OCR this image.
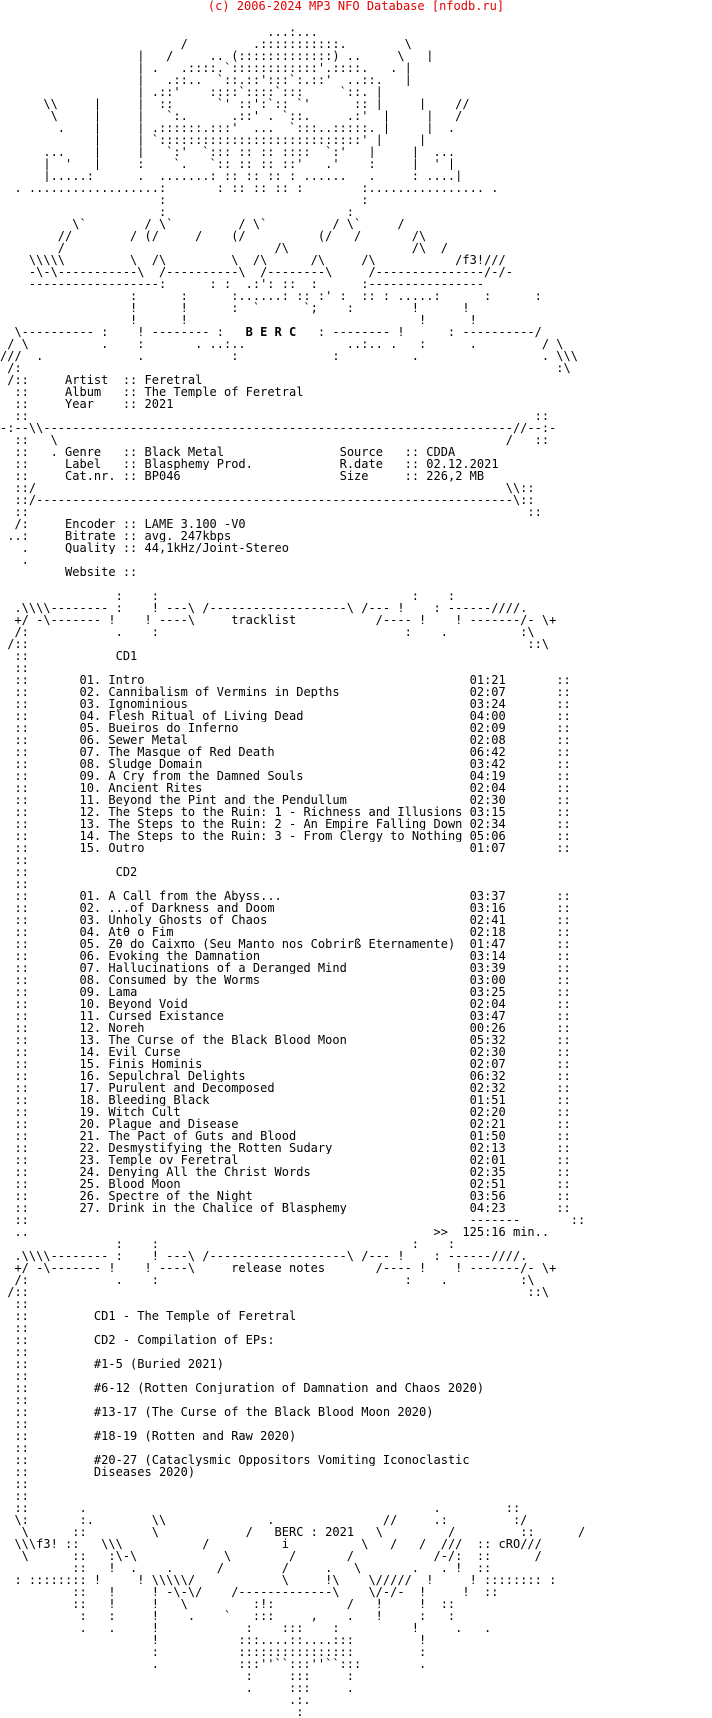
(c) 2006-2024 MP3 NFO Database [nfodb.ru]
_ _______ _        ...:...        _ _______ _
___  /         .:::::::::::.        \ ___
|   /     .. (:::::::::::::) ..     \   |
| .   .::::.`::::::::::::'.::::.   . |
|   .::..  `::.::':::`:.::'  ..::.   |
_ ______       | .::'    ::::`::::`:::     `::. |      ______ _
\\     |     |  ::      `' ::':`:: `'      :: |     |    //
\     |     |   `:.      .::' . `::.     .:'  |     |   /
.    |     | .::::::.:::'  ...  `:::..:::::. |     |  .
|     | `::::::::::::::::::::::::::::' |     |
...    |     |   `:'  `::: :: :: ::::  `:'   |     |  ...
|  '   |     :    `.   `:: :: :: ::'   .'    :     |  ' |
|.....:      .  .......: :: :: :: : ......   .     : ....|
. ..................:       : :: :: :: :        :................ .
:                           :
____________:____________ ____________:____________
_ ___\`  __    /_\`  _______/_\`  __    _/_\`     /___ _
//   __   / (/  ___/    (/   _      (/   /_______/\
_ _ /________   _________   ______/\   _ ____________/\__/ _ _
\\\\\_________\__/\_________\__/\______/\_____/\___________/f3!///
_ -\-\-----------\__/----------\__/--------\_____/---------------/-/- _
_ ------------------:      : :  .:': ::  :      :---------------- _
:      :      :......: :: :' :  :: : .....:      :      :
!      !      :  `      `;    :        !      !
___ _          !      !                                !      !      _ ___
_\---------- :    ! -------- :   B E R C   : -------- !      : ----------/_
/_\          .    :       . ..:..              ..:.. .   :      .         /_\
///  .             .            :             :          .                 . \\\
/:                                                                          :\
/::     Artist  :: Feretral
::     Album   :: The Temple of Feretral
::     Year    :: 2021
::  __ _                                                          _ __  ::
-:--\\-----------------------------------------------------------------//--:-
::   \                                                              /   ::
::   . Genre   :: Black Metal                Source   :: CDDA
::     Label   :: Blasphemy Prod.            R.date   :: 02.12.2021
_::__   Cat.nr. :: BP046                      Size     :: 226,2 MB
::/                                                                 \\::
::/------------------------------------------------------------------\::
::                                                                     ::
/:     Encoder :: LAME 3.100 -V0
..:     Bitrate :: avg. 247kbps
.     Quality :: 44,1kHz/Joint-Stereo
.
Website ::

__ __ _       :    : _ ____ _                 _ ____ _ :    : _ __ __
.\\\\-------- :    ! ---\ /-------------------\ /--- !    : ------////.
+/ -\------- !    ! ----\     tracklist           /---- !    ! -------/- \+
/:            .    :                                  :    .          :\
/::                                                                     ::\
::            CD1
::
::       01. Intro                                             01:21       ::
::       02. Cannibalism of Vermins in Depths                  02:07       ::
::       03. Ignominious                                       03:24       ::
::       04. Flesh Ritual of Living Dead                       04:00       ::
::       05. Bueiros do Inferno                                02:09       ::
::       06. Sewer Metal                                       02:08       ::
::       07. The Masque of Red Death                           06:42       ::
::       08. Sludge Domain                                     03:42       ::
::       09. A Cry from the Damned Souls                       04:19       ::
::       10. Ancient Rites                                     02:04       ::
::       11. Beyond the Pint and the Pendullum                 02:30       ::
::       12. The Steps to the Ruin: 1 - Richness and Illusions 03:15       ::
::       13. The Steps to the Ruin: 2 - An Empire Falling Down 02:34       ::
::       14. The Steps to the Ruin: 3 - From Clergy to Nothing 05:06       ::
::       15. Outro                                             01:07       ::
::
::            CD2
::
::       01. A Call from the Abyss...                          03:37       ::
::       02. ...of Darkness and Doom                           03:16       ::
::       03. Unholy Ghosts of Chaos                            02:41       ::
::       04. Atθ o Fim                                         02:18       ::
::       05. Zθ do Caixπo (Seu Manto nos Cobrirß Eternamente)  01:47       ::
::       06. Evoking the Damnation                             03:14       ::
::       07. Hallucinations of a Deranged Mind                 03:39       ::
::       08. Consumed by the Worms                             03:00       ::
::       09. Lama                                              03:25       ::
::       10. Beyond Void                                       02:04       ::
::       11. Cursed Existance                                  03:47       ::
::       12. Noreh                                             00:26       ::
::       13. The Curse of the Black Blood Moon                 05:32       ::
::       14. Evil Curse                                        02:30       ::
::       15. Finis Hominis                                     02:07       ::
::       16. Sepulchral Delights                               06:32       ::
::       17. Purulent and Decomposed                           02:32       ::
::       18. Bleeding Black                                    01:51       ::
::       19. Witch Cult                                        02:20       ::
::       20. Plague and Disease                                02:21       ::
::       21. The Pact of Guts and Blood                        01:50       ::
::       22. Desmystifying the Rotten Sudary                   02:13       ::
::       23. Temple ov Feretral                                02:01       ::
::       24. Denying All the Christ Words                      02:35       ::
::       25. Blood Moon                                        02:51       ::
::       26. Spectre of the Night                              03:56       ::
::       27. Drink in the Chalice of Blasphemy                 04:23       ::
::                                                             -------       ::
..                                                        >> 125:16 min..
__ __ _       :    : _ ____ _                 _ ____ _ :    : _ __ __
.\\\\-------- :    ! ---\ /-------------------\ /--- !    : ------////.
+/ -\------- !    ! ----\     release notes       /---- !    ! -------/- \+
/:            .    :                                  :    .          :\
/::                                                                     ::\
::
::         CD1 - The Temple of Feretral
::
::         CD2 - Compilation of EPs:
::
::         #1-5 (Buried 2021)
::
::         #6-12 (Rotten Conjuration of Damnation and Chaos 2020)
::
::         #13-17 (The Curse of the Black Blood Moon 2020)
::
::         #18-19 (Rotten and Raw 2020)
::
::         #20-27 (Cataclysmic Oppositors Vomiting Iconoclastic
::         Diseases 2020)
::
::
::       .         _                              _       .         ::
\:       :.        \\ __________   .    __________ //     .:         :/
__\____  :: ____ ___\      _     /   BERC : 2021   \    _    /___ ____ ::  ____/__
\\\f3! ::   \\\     __   _/__________i__________\   /___/  ///  :: cRO///
\      ::   :\-\____________\_   ___ /   _  _/___________/-/:  ::      /
::   !  .    . _ _ _/      __/     .   \_ _ _  .   . !  ::
: :::::::: !     ! \\\\\/    ________\_____!\    \/////  !     ! :::::::: :
::   !     ! -\-\/____/-------------\____\/-/-  !     !  ::
::   !     !   \         :!:          /   !     !  ::
:   :     !    .    `   :::     ,    .   !     :   :
.   .     !            :    :::    :          !     .   .
!           :::....::....:::         !
:           ::::::::::::::::         :
.           :::''``:::''``:::        .
:     :::     :
.     :::     .
.:.
:
